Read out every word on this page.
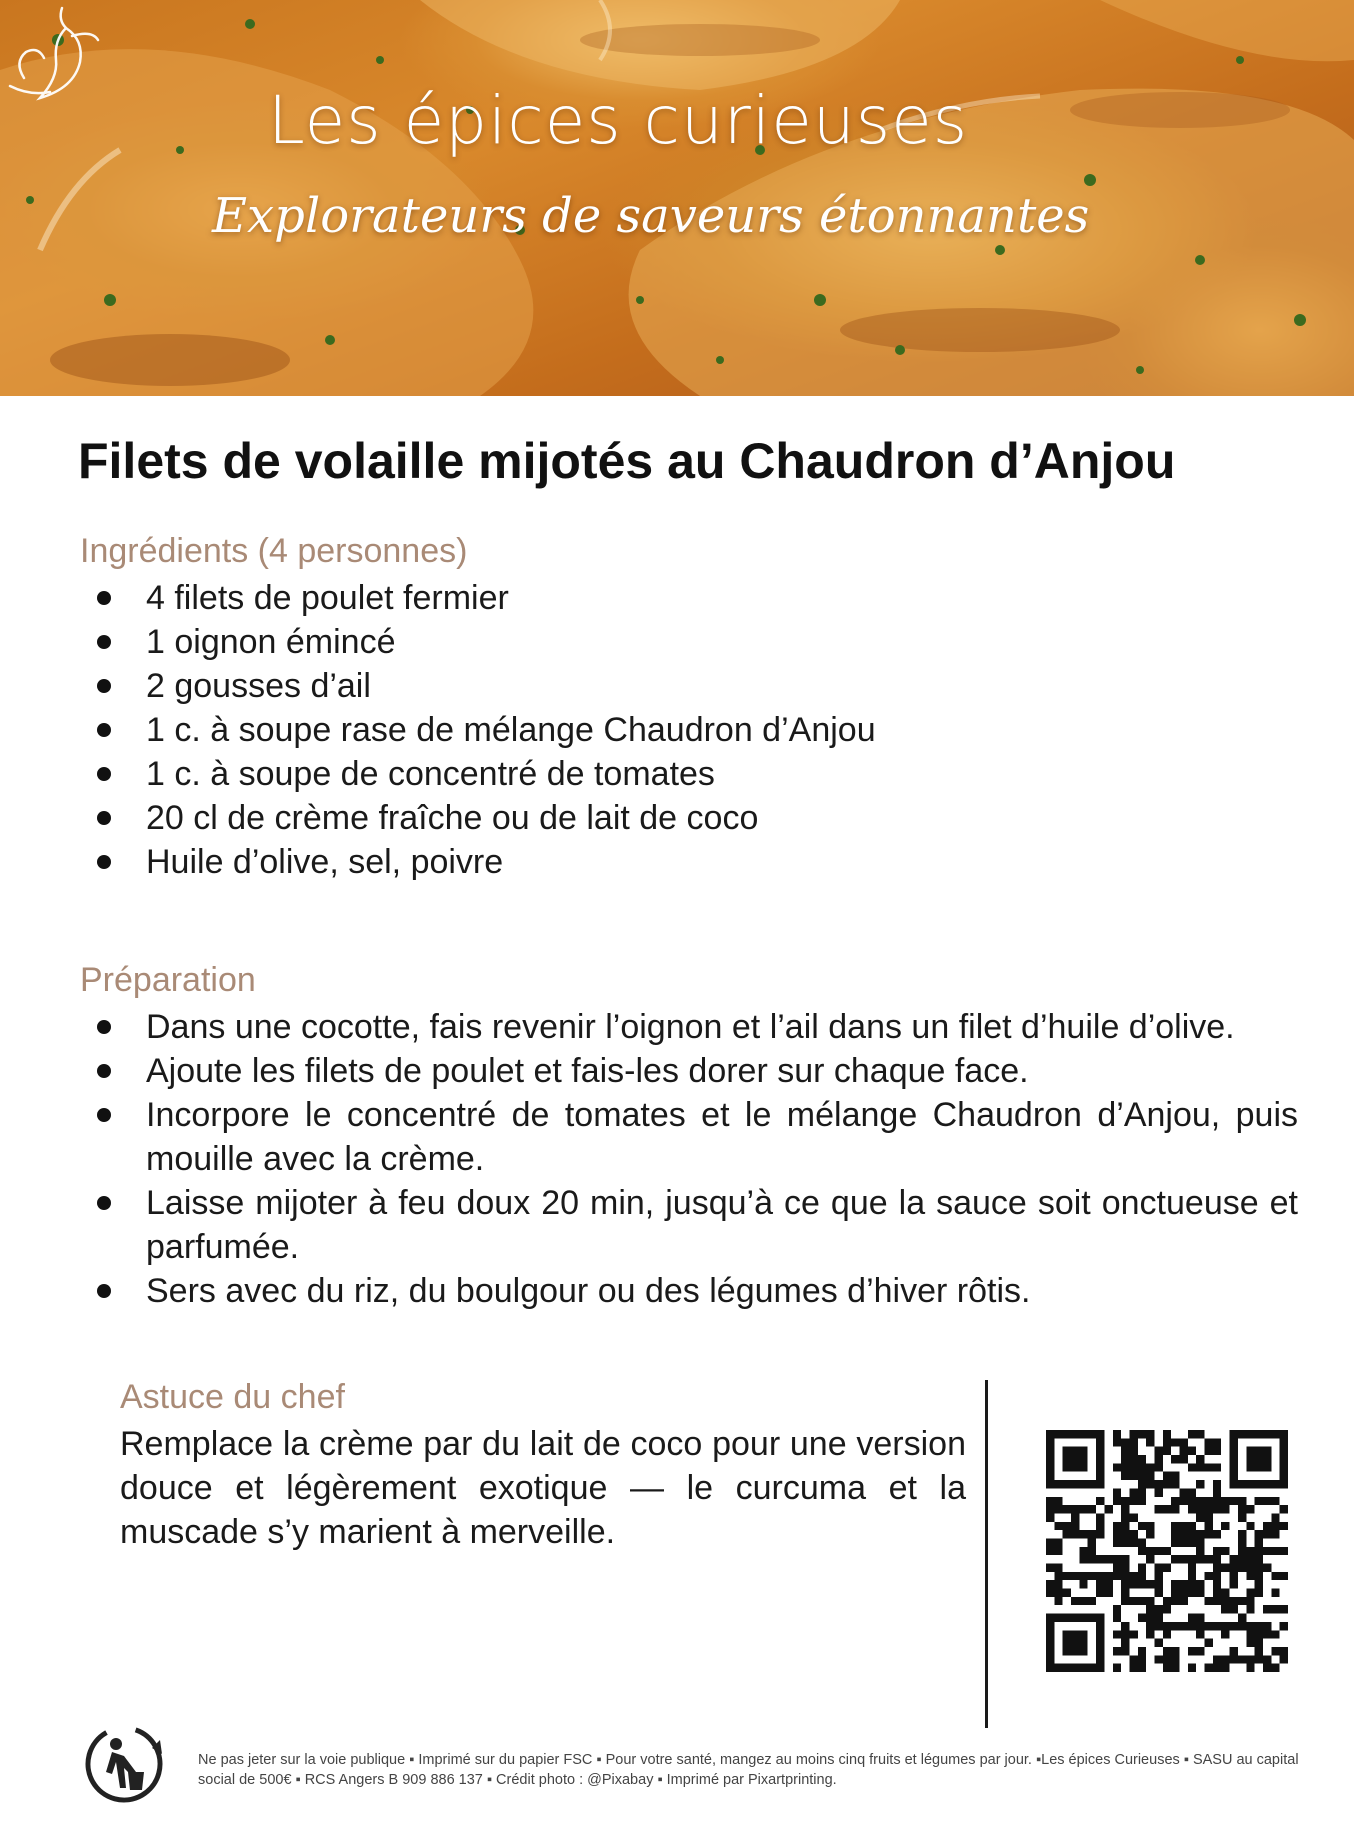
Les épices curieuses
Explorateurs de saveurs étonnantes
Filets de volaille mijotés au Chaudron d’Anjou
Ingrédients (4 personnes)
4 filets de poulet fermier
1 oignon émincé
2 gousses d’ail
1 c. à soupe rase de mélange Chaudron d’Anjou
1 c. à soupe de concentré de tomates
20 cl de crème fraîche ou de lait de coco
Huile d’olive, sel, poivre
Préparation
Dans une cocotte, fais revenir l’oignon et l’ail dans un filet d’huile d’olive.
Ajoute les filets de poulet et fais-les dorer sur chaque face.
Incorpore le concentré de tomates et le mélange Chaudron d’Anjou, puis mouille avec la crème.
Laisse mijoter à feu doux 20 min, jusqu’à ce que la sauce soit onctueuse et parfumée.
Sers avec du riz, du boulgour ou des légumes d’hiver rôtis.
Astuce du chef
Remplace la crème par du lait de coco pour une version douce et légèrement exotique — le curcuma et la muscade s’y marient à merveille.
Ne pas jeter sur la voie publique ▪ Imprimé sur du papier FSC ▪ Pour votre santé, mangez au moins cinq fruits et légumes par jour. ▪Les épices Curieuses ▪ SASU au capital social de 500€ ▪ RCS Angers B 909 886 137 ▪ Crédit photo : @Pixabay ▪ Imprimé par Pixartprinting.
